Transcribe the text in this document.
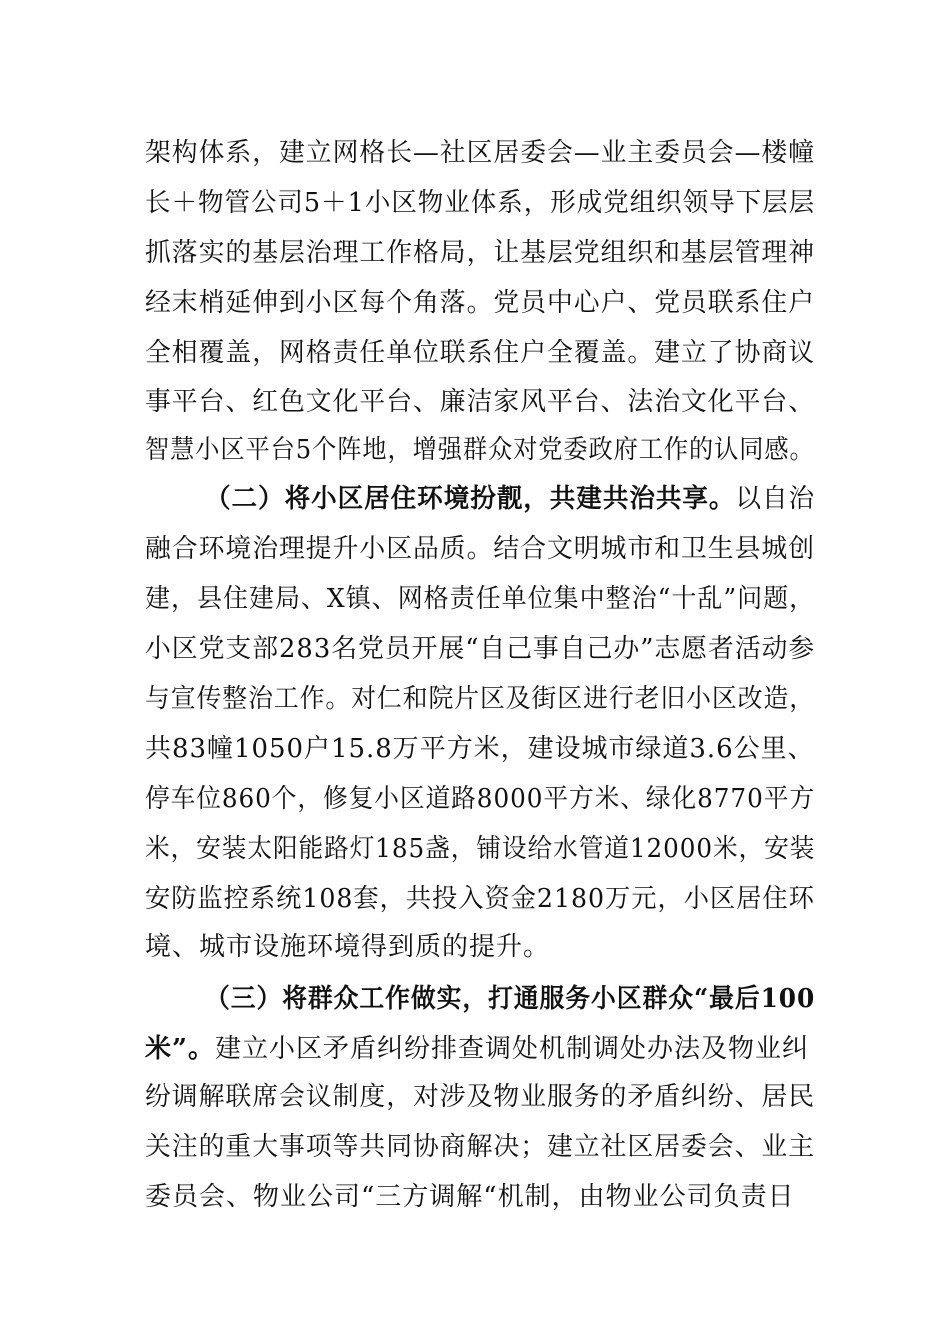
架构体系，建立网格长—社区居委会—业主委员会—楼幢
长＋物管公司5＋1小区物业体系，形成党组织领导下层层
抓落实的基层治理工作格局，让基层党组织和基层管理神
经末梢延伸到小区每个角落。党员中心户、党员联系住户
全相覆盖，网格责任单位联系住户全覆盖。建立了协商议
事平台、红色文化平台、廉洁家风平台、法治文化平台、
智慧小区平台5个阵地，增强群众对党委政府工作的认同感。
（二）将小区居住环境扮靓，共建共治共享。以自治
融合环境治理提升小区品质。结合文明城市和卫生县城创
建，县住建局、X镇、网格责任单位集中整治“十乱”问题，
小区党支部283名党员开展“自己事自己办”志愿者活动参
与宣传整治工作。对仁和院片区及街区进行老旧小区改造，
共83幢1050户15.8万平方米，建设城市绿道3.6公里、
停车位860个，修复小区道路8000平方米、绿化8770平方
米，安装太阳能路灯185盏，铺设给水管道12000米，安装
安防监控系统108套，共投入资金2180万元，小区居住环
境、城市设施环境得到质的提升。
（三）将群众工作做实，打通服务小区群众“最后100
米”。建立小区矛盾纠纷排查调处机制调处办法及物业纠
纷调解联席会议制度，对涉及物业服务的矛盾纠纷、居民
关注的重大事项等共同协商解决；建立社区居委会、业主
委员会、物业公司“三方调解“机制，由物业公司负责日
